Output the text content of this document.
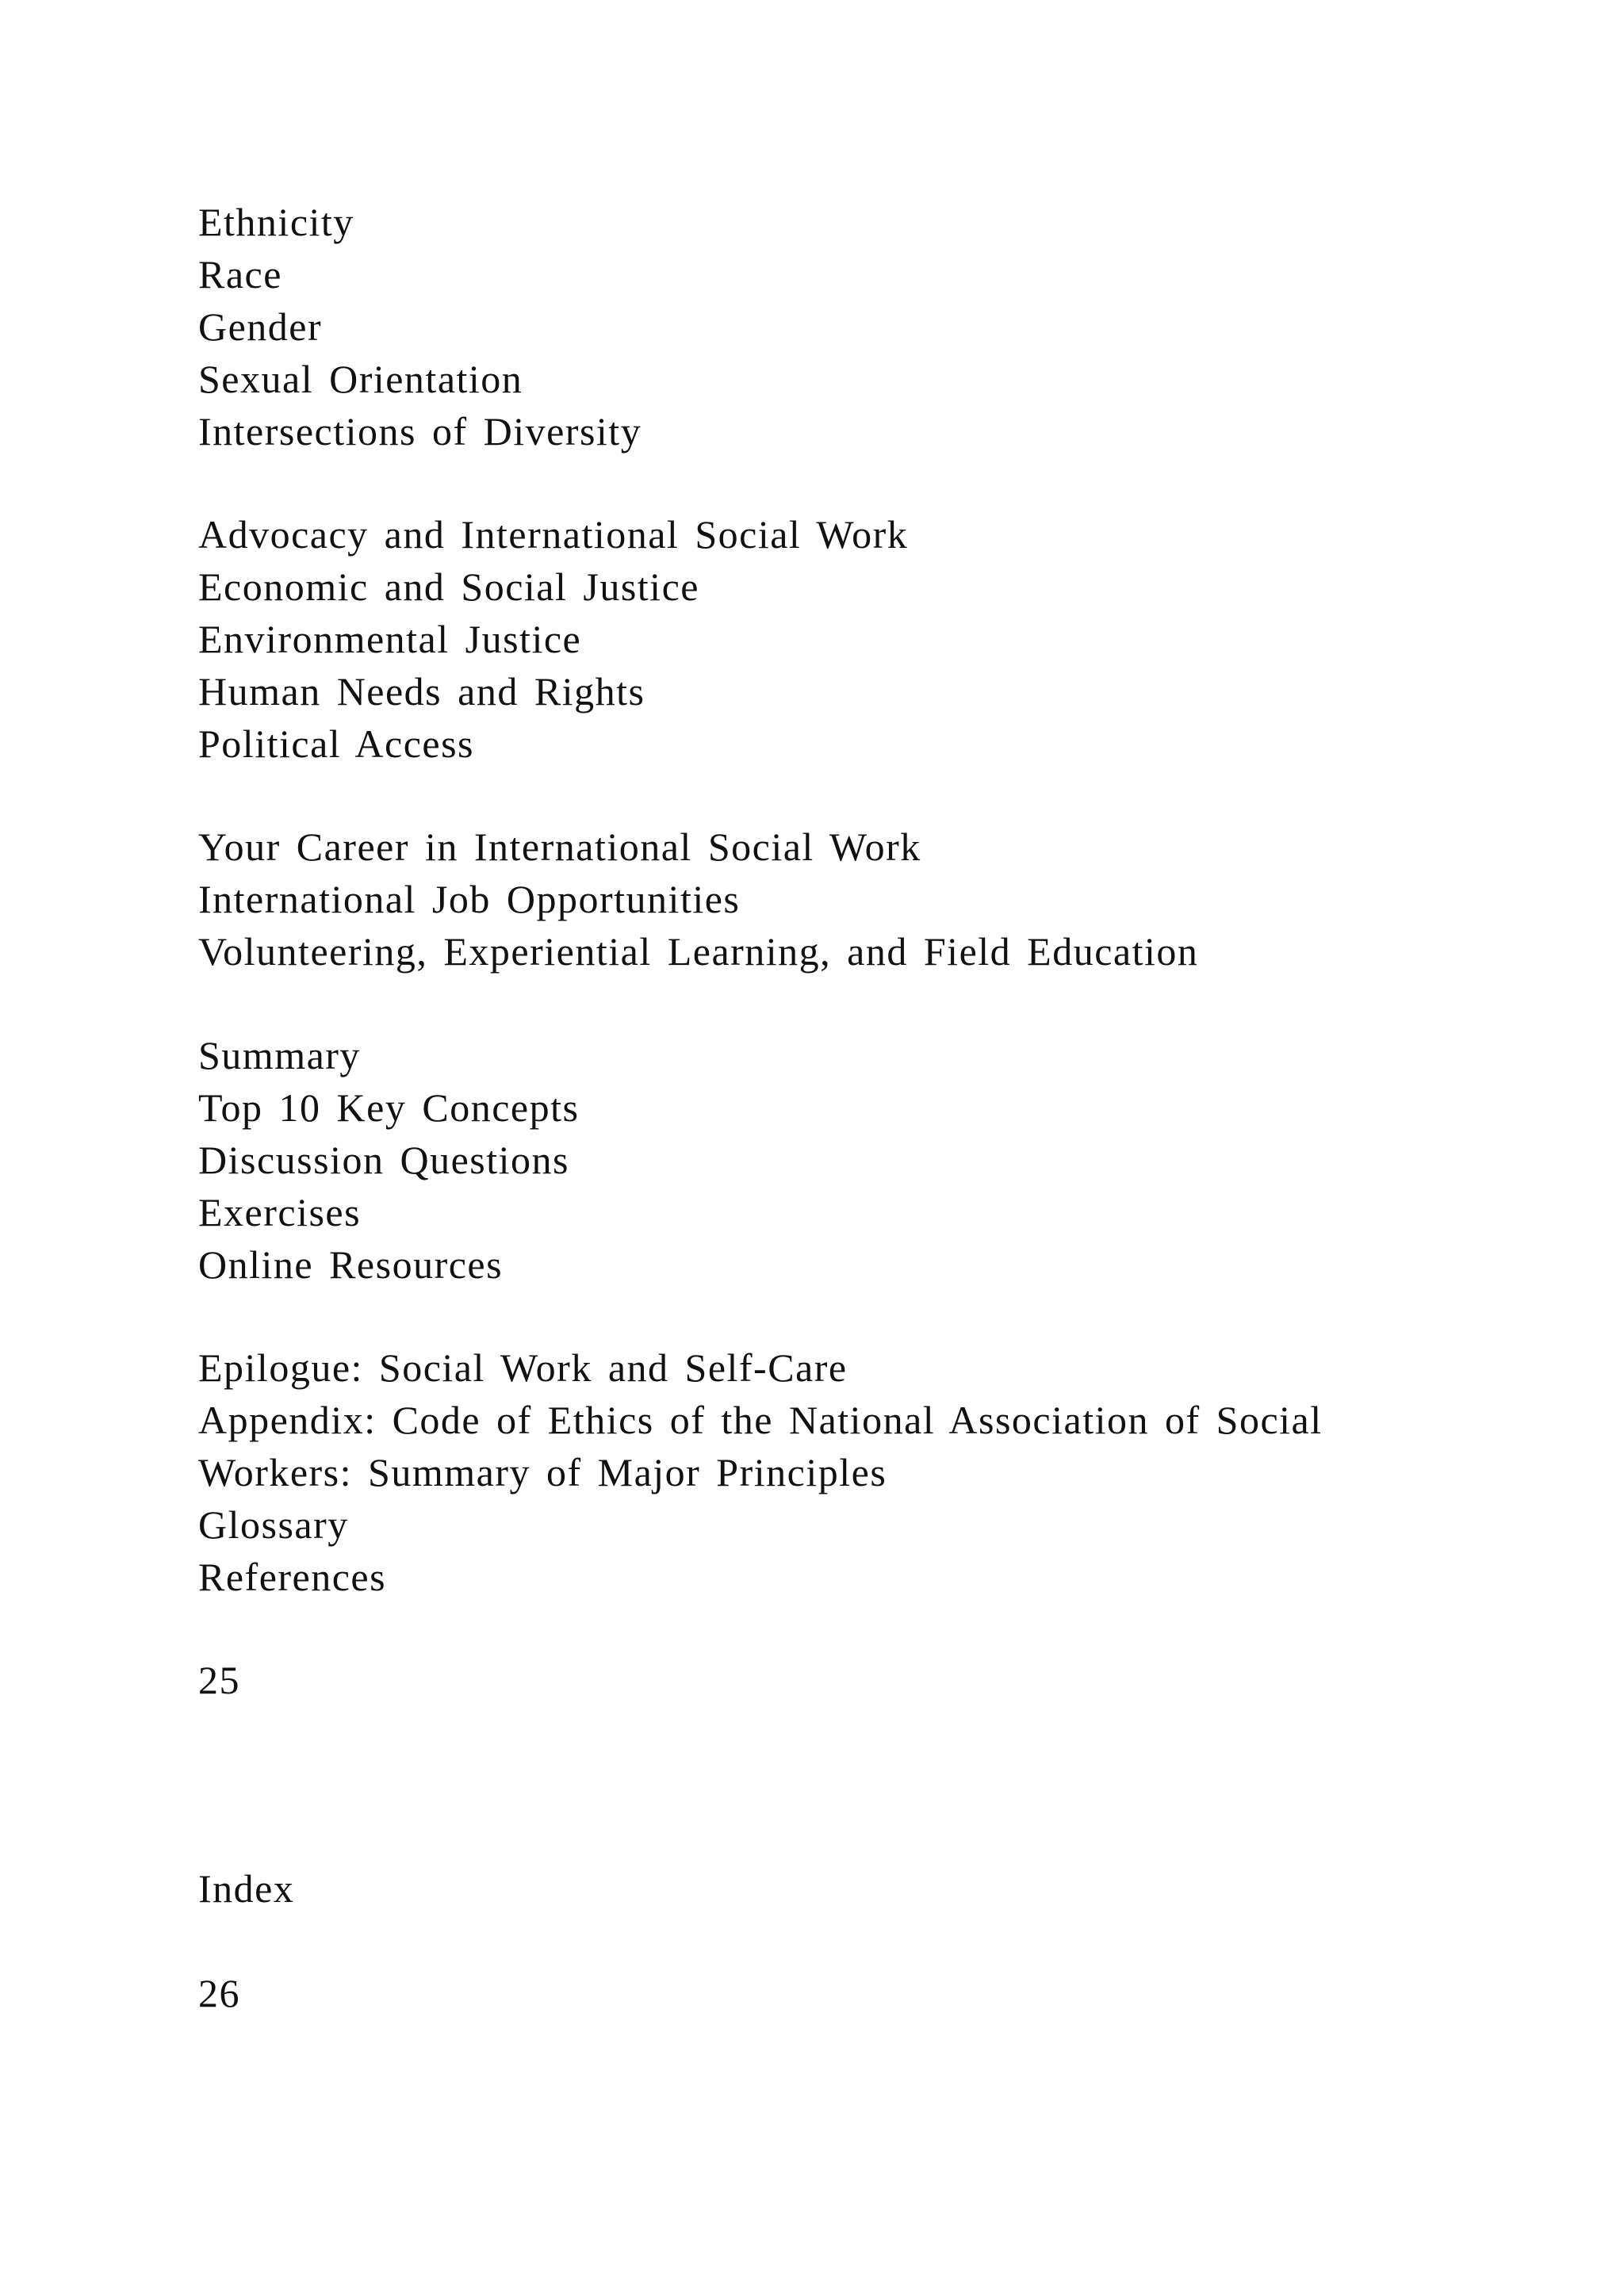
Ethnicity
Race
Gender
Sexual Orientation
Intersections of Diversity
Advocacy and International Social Work
Economic and Social Justice
Environmental Justice
Human Needs and Rights
Political Access
Your Career in International Social Work
International Job Opportunities
Volunteering, Experiential Learning, and Field Education
Summary
Top 10 Key Concepts
Discussion Questions
Exercises
Online Resources
Epilogue: Social Work and Self-Care
Appendix: Code of Ethics of the National Association of Social
Workers: Summary of Major Principles
Glossary
References
25
Index
26
